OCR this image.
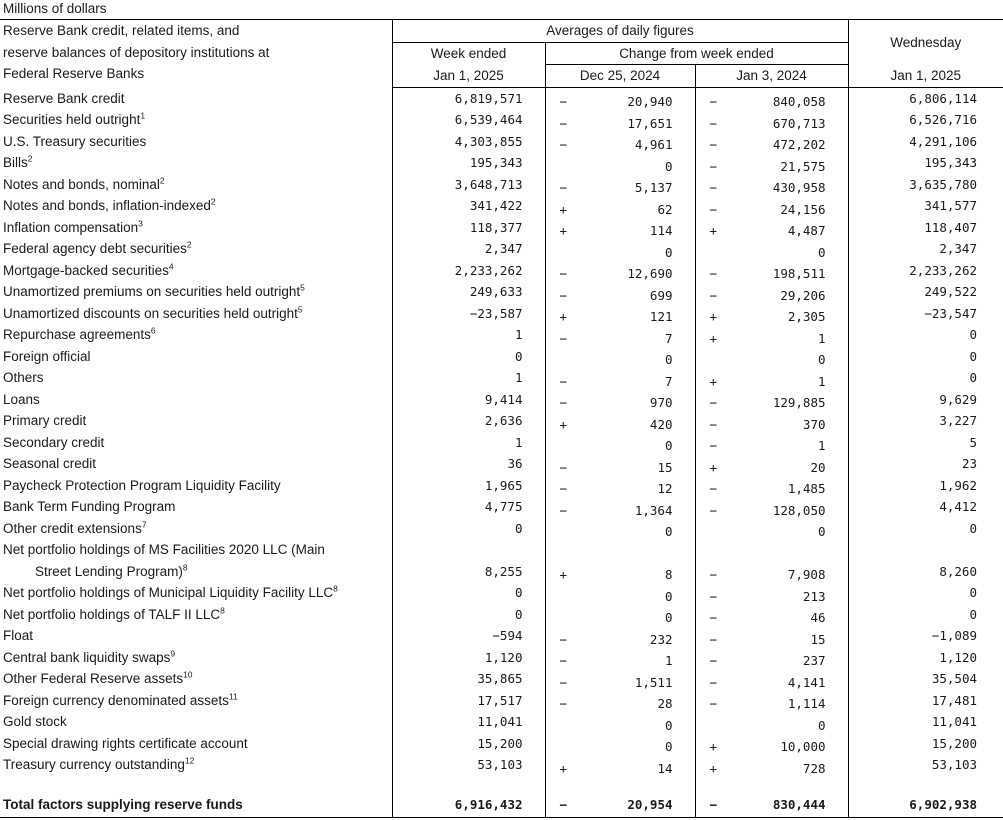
Millions of dollars
Reserve Bank credit, related items, and
reserve balances of depository institutions at
Federal Reserve Banks	Averages of daily figures			Wednesday
	Week ended	Change from week ended		
	Jan 1, 2025	Dec 25, 2024	Jan 3, 2024	Jan 1, 2025
Reserve Bank credit	6,819,571	− 20,940	− 840,058	6,806,114
Securities held outright$^1$	6,539,464	− 17,651	− 670,713	6,526,716
U.S. Treasury securities	4,303,855	− 4,961	− 472,202	4,291,106
Bills$^2$	195,343	0	− 21,575	195,343
Notes and bonds, nominal$^2$	3,648,713	− 5,137	− 430,958	3,635,780
Notes and bonds, inflation-indexed$^2$	341,422	+ 62	− 24,156	341,577
Inflation compensation$^3$	118,377	+ 114	+ 4,487	118,407
Federal agency debt securities$^2$	2,347	0	0	2,347
Mortgage-backed securities$^4$	2,233,262	− 12,690	− 198,511	2,233,262
Unamortized premiums on securities held outright$^5$	249,633	− 699	− 29,206	249,522
Unamortized discounts on securities held outright$^5$	−23,587	+ 121	+ 2,305	−23,547
Repurchase agreements$^6$	1	− 7	+ 1	0
Foreign official	0	0	0	0
Others	1	− 7	+ 1	0
Loans	9,414	− 970	− 129,885	9,629
Primary credit	2,636	+ 420	− 370	3,227
Secondary credit	1	0	− 1	5
Seasonal credit	36	− 15	+ 20	23
Paycheck Protection Program Liquidity Facility	1,965	− 12	− 1,485	1,962
Bank Term Funding Program	4,775	− 1,364	− 128,050	4,412
Other credit extensions$^7$	0	0	0	0

Net portfolio holdings of MS Facilities 2020 LLC (Main
Street Lending Program)$^8$	8,255	+ 8	− 7,908	8,260
Net portfolio holdings of Municipal Liquidity Facility LLC$^8$	0	0	− 213	0
Net portfolio holdings of TALF II LLC$^8$	0	0	− 46	0
Float	−594	− 232	− 15	−1,089
Central bank liquidity swaps$^9$	1,120	− 1	− 237	1,120
Other Federal Reserve assets$^{10}$	35,865	− 1,511	− 4,141	35,504
Foreign currency denominated assets$^{11}$	17,517	− 28	− 1,114	17,481
Gold stock	11,041	0	0	11,041
Special drawing rights certificate account	15,200	0	+ 10,000	15,200
Treasury currency outstanding$^{12}$	53,103	+ 14	+ 728	53,103

Total factors supplying reserve funds	6,916,432	− 20,954	− 830,444	6,902,938
